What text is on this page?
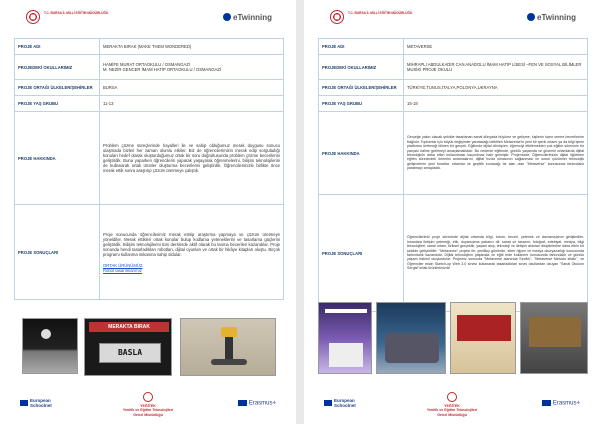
T.C. BURSA İL MİLLİ EĞİTİM MÜDÜRLÜĞÜ	eTwinning
PROJE ADI	MERAKTA BIRAK (MAKE THEM WONDERED)
PROJEDEKİ OKULLARIMIZ	HAMİFE MURAT ORTAOKULU / OSMANGAZİ
M. NEZİR GENCER İMAM HATİP ORTAOKULU / OSMANGAZİ
PROJE ORTAĞI ÜLKELER/ŞEHİRLER	BURSA
PROJE YAŞ GRUBU	11-13
PROJE HAKKINDA	Problem çözme süreçlerinde hayalleri ile ve sahip olduğumuz merak duygusu sonucu ulaşmada bizleri her zaman olumlu etkiler. Biz de öğrencilerimizin merak edip sorguladığı konuları hedef olarak oluşturduğumuz ortak bir soru doğrultusunda problem çözme becerilerini geliştirdik. Buna yaparken öğrencilerin yaparak yaşayarak öğrenmelerini, bilişim teknolojilerini de kullanarak ortak ürünler oluşturma becerilerini geliştirdik. Öğrencilerimizle birlikte önce merak ettik sonra araştırıp çözüm üretmeye çalıştık.
PROJE SONUÇLARI	Proje sonucunda öğrencilerimiz merak ettirip araştırma yapmaya ve çözüm üretmeye yöneldiler. Merak ettikleri ortak konular bulup kodlama yeteneklerini ve tasarlama güçlerini geliştirdik. Bilişim teknolojilerini tüm derslerde aktif olarak bu lanma becerileri kazandılar. Proje sonunda hendi tasarladıkları robotları, dijital oyunları ve ortak bir hikâye kitapları oluştu. Birçok programı kullanma imkanına sahip oldular.
ORTAK ÜRÜNÜMÜZ
Robot tasarımlarımız
MERAKTA BIRAK
BASLA
European
Schoolnet	YEĞİTEK
Yenilik ve Eğitim Teknolojileri
Genel Müdürlüğü
Erasmus+
T.C. BURSA İL MİLLİ EĞİTİM MÜDÜRLÜĞÜ	eTwinning
PROJE ADI	METAVERSE
PROJEDEKİ OKULLARIMIZ	MİHRAPLI ABDULKADİR CAN ANADOLU İMAM HATİP LİSESİ –FEN VE SOSYAL BİLİMLER MUSİKİ PROJE OKULU
PROJE ORTAĞI ÜLKELER/ŞEHİRLER	TÜRKİYE,TUNUS,İTALYA,POLONYA,UKRAYNA
PROJE YAŞ GRUBU	15-18
PROJE HAKKINDA	Gerçeğe yakın olacak şekilde tasarlanan sanal dünyada büyüme ve gelişme, kişilerin kanır verme becerilerine bağlıdır. Toplumlar için büyük değişimler yaratacağı belirtilen Metaverse'in yeni bir içerik ortamı ya da bilgi işlem platformu üretmeği bilinen bir gerçek. Eğitimde dijital dönüşüm, öğrenciyi etkilemekten çok eğitim sürecinin bir parçası haline getirmeyi amaçlamaktadır. Bu nedenle eğitimde, günlük yaşamda ve güvenlir ortamlarda dijital teknolojinin daha etkin kullanılması kaçınılmaz hale gelmiştir. Projemizde; Öğrencilerimizin dijital öğütmen eğitim sürecindek önemini anlamalarını, dijital hızlar olmasının sağlanması ve sorun çözümler teknolojik gelişmelerin yeni fırsatlar, ortamlar ve geçitlik sunacağı bir alan olan "Metaverse" konusunda farkındalık yaratmayı amaçladık.
PROJE SONUÇLARI	Öğrencilerimiz proje sürecinde dijital ortamda bilgi, tutum, beceri, yetenek ve davranışlarını geliştirdiler. İnsanlara iletişim yeteneği, etik, duyarsızma yabancı dil, sanat ve tasarım, fotoğraf, edebiyat, medya, bilgi teknolojileri, sanal ortam, fiziksel gerçeklik, yaşam akış, teknoloji ve iletişim aracları disiplinlerine daha etkin bir şekilde geliştirdiler. "Metaverse" projesi ile; yenilikçi günlerde, siber hijyen ve medya okuryazarlığı konusunda farkındalık kazandılar. Dijital teknolojinin yaşamda ve eğiti mde kullanımı konusunda farkındalık ve günlük yaşam hâkimi oluşturdular. Projemiz sonunda "Metaverse alanında Sınıflık", "Metaverse Metodu kitabı", ve Öğrenciler mizin Sketch-up Web 3.0 sınavı kullanarak tasarladıkları sınav okullardan okuyan "Sanal Okulum Sergisi"ortak ürünlerimizdir
European
Schoolnet	YEĞİTEK
Yenilik ve Eğitim Teknolojileri
Genel Müdürlüğü
Erasmus+
